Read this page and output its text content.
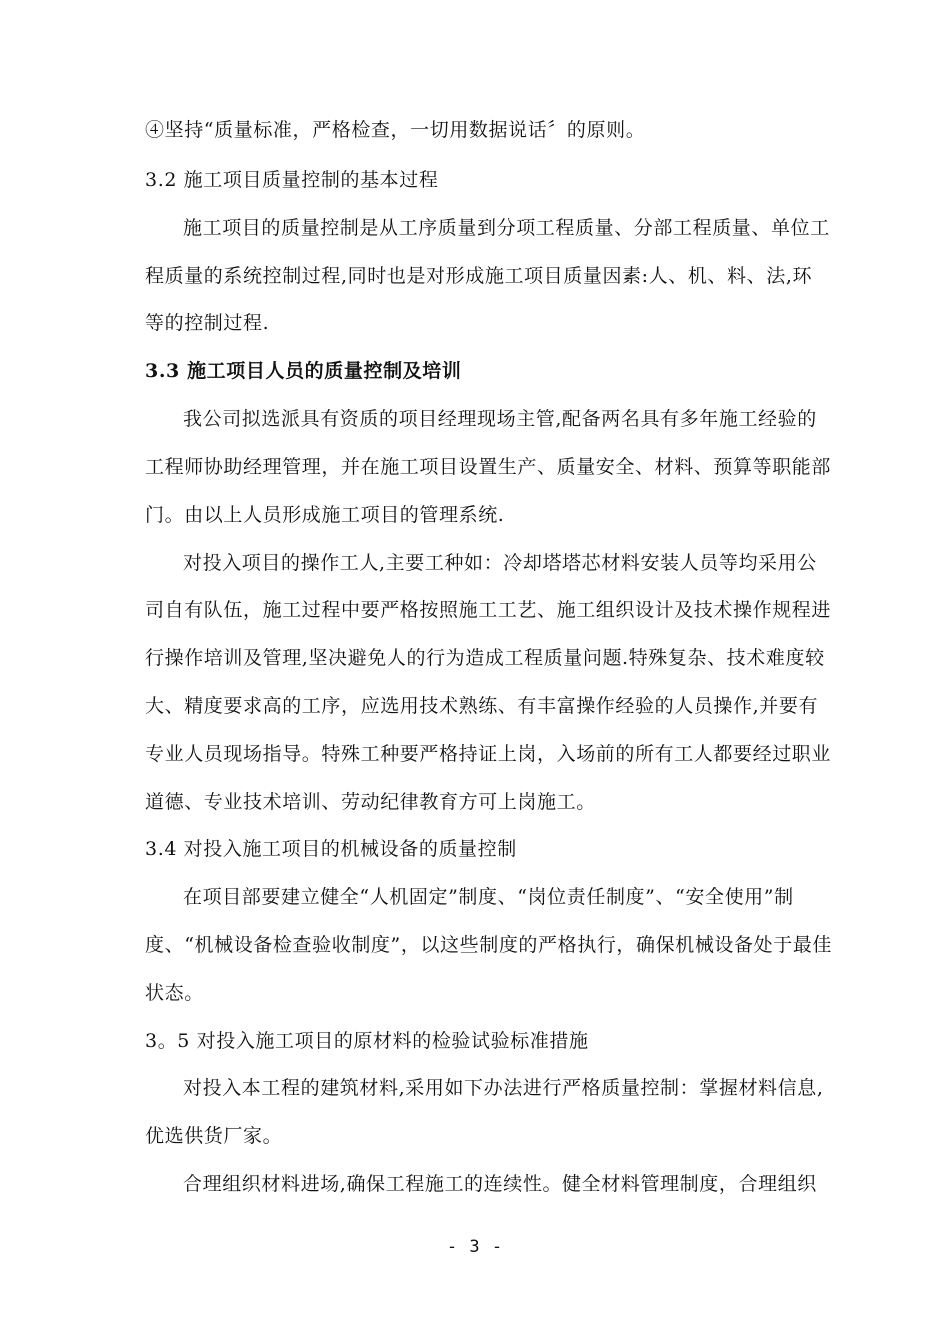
④坚持“质量标准，严格检查，一切用数据说话〞的原则。
3.2 施工项目质量控制的基本过程
施工项目的质量控制是从工序质量到分项工程质量、分部工程质量、单位工
程质量的系统控制过程,同时也是对形成施工项目质量因素:人、机、料、法,环
等的控制过程.
3.3 施工项目人员的质量控制及培训
我公司拟选派具有资质的项目经理现场主管,配备两名具有多年施工经验的
工程师协助经理管理，并在施工项目设置生产、质量安全、材料、预算等职能部
门。由以上人员形成施工项目的管理系统.
对投入项目的操作工人,主要工种如：冷却塔塔芯材料安装人员等均采用公
司自有队伍，施工过程中要严格按照施工工艺、施工组织设计及技术操作规程进
行操作培训及管理,坚决避免人的行为造成工程质量问题.特殊复杂、技术难度较
大、精度要求高的工序，应选用技术熟练、有丰富操作经验的人员操作,并要有
专业人员现场指导。特殊工种要严格持证上岗，入场前的所有工人都要经过职业
道德、专业技术培训、劳动纪律教育方可上岗施工。
3.4 对投入施工项目的机械设备的质量控制
在项目部要建立健全“人机固定”制度、“岗位责任制度”、“安全使用”制
度、“机械设备检查验收制度”，以这些制度的严格执行，确保机械设备处于最佳
状态。
3。5 对投入施工项目的原材料的检验试验标准措施
对投入本工程的建筑材料,采用如下办法进行严格质量控制：掌握材料信息,
优选供货厂家。
合理组织材料进场,确保工程施工的连续性。健全材料管理制度，合理组织
- 3 -
